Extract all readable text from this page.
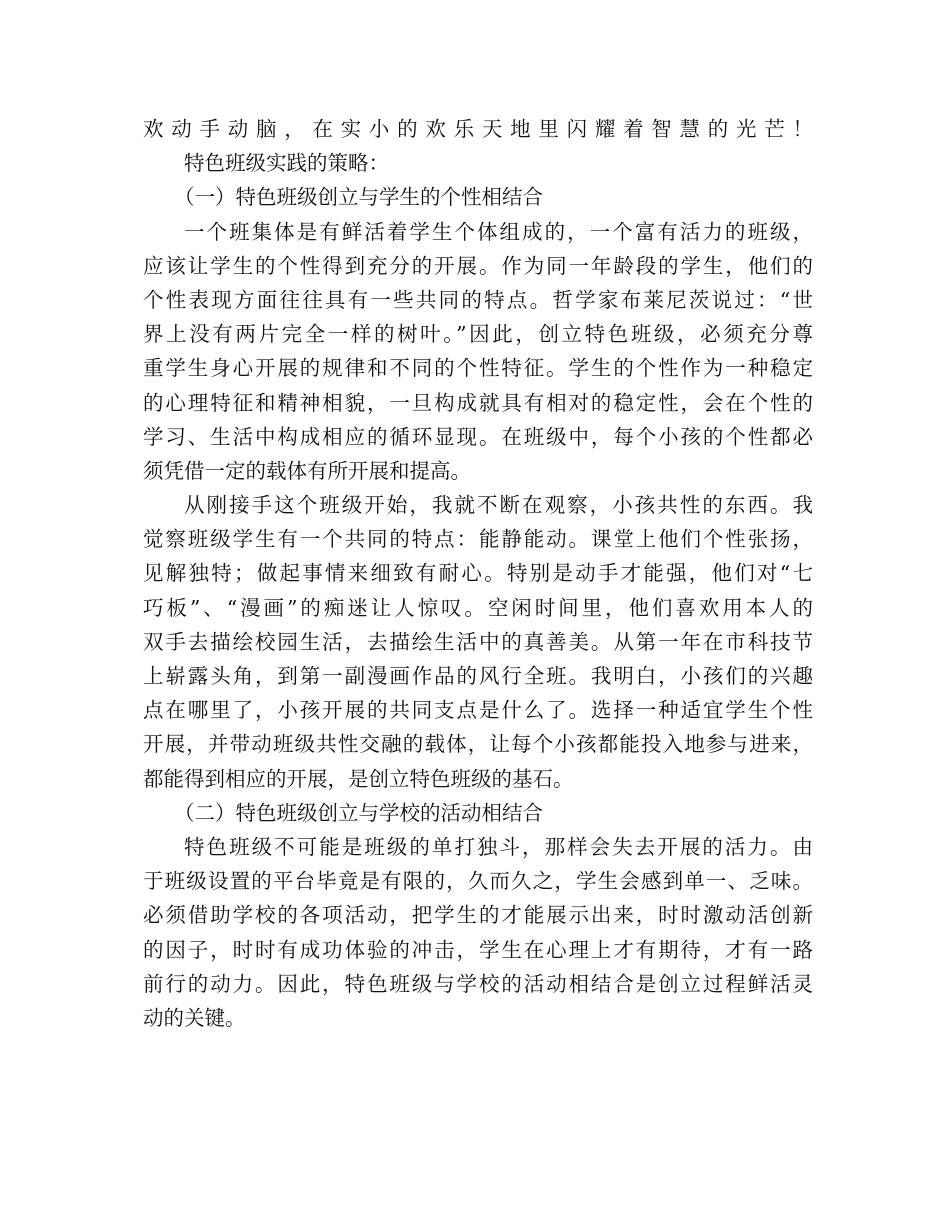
欢动手动脑，在实小的欢乐天地里闪耀着智慧的光芒！
特色班级实践的策略：
（一）特色班级创立与学生的个性相结合
一个班集体是有鲜活着学生个体组成的，一个富有活力的班级，
应该让学生的个性得到充分的开展。作为同一年龄段的学生，他们的
个性表现方面往往具有一些共同的特点。哲学家布莱尼茨说过：“世
界上没有两片完全一样的树叶。”因此，创立特色班级，必须充分尊
重学生身心开展的规律和不同的个性特征。学生的个性作为一种稳定
的心理特征和精神相貌，一旦构成就具有相对的稳定性，会在个性的
学习、生活中构成相应的循环显现。在班级中，每个小孩的个性都必
须凭借一定的载体有所开展和提高。
从刚接手这个班级开始，我就不断在观察，小孩共性的东西。我
觉察班级学生有一个共同的特点：能静能动。课堂上他们个性张扬，
见解独特；做起事情来细致有耐心。特别是动手才能强，他们对“七
巧板”、“漫画”的痴迷让人惊叹。空闲时间里，他们喜欢用本人的
双手去描绘校园生活，去描绘生活中的真善美。从第一年在市科技节
上崭露头角，到第一副漫画作品的风行全班。我明白，小孩们的兴趣
点在哪里了，小孩开展的共同支点是什么了。选择一种适宜学生个性
开展，并带动班级共性交融的载体，让每个小孩都能投入地参与进来，
都能得到相应的开展，是创立特色班级的基石。
（二）特色班级创立与学校的活动相结合
特色班级不可能是班级的单打独斗，那样会失去开展的活力。由
于班级设置的平台毕竟是有限的，久而久之，学生会感到单一、乏味。
必须借助学校的各项活动，把学生的才能展示出来，时时激动活创新
的因子，时时有成功体验的冲击，学生在心理上才有期待，才有一路
前行的动力。因此，特色班级与学校的活动相结合是创立过程鲜活灵
动的关键。
